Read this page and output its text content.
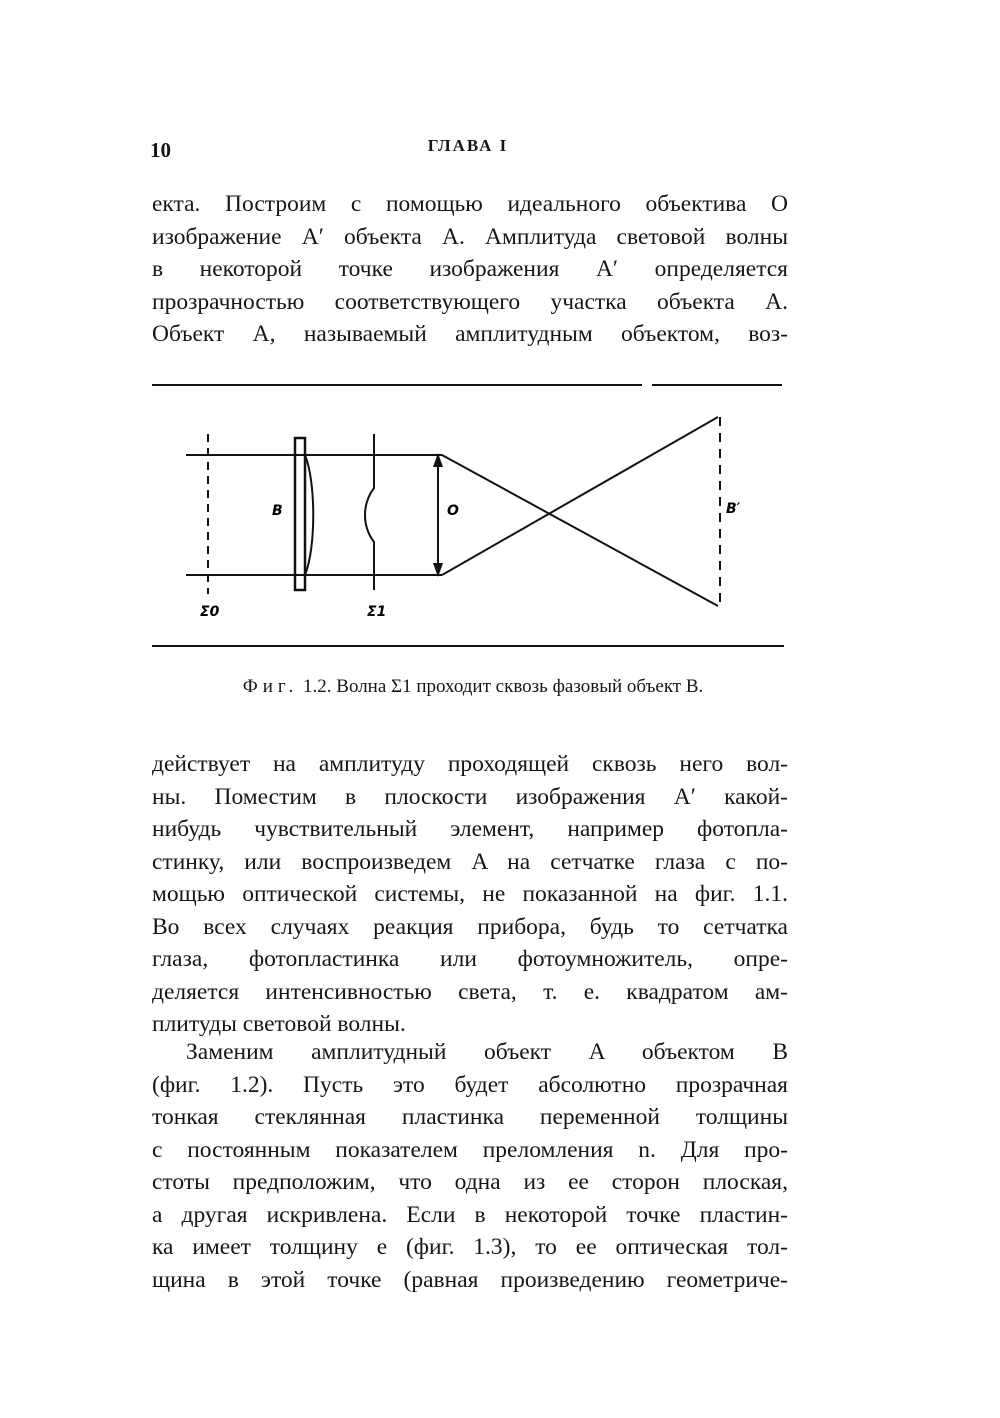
10	ГЛАВА I
екта. Построим с помощью идеального объектива O
изображение A′ объекта A. Амплитуда световой волны
в некоторой точке изображения A′ определяется
прозрачностью соответствующего участка объекта A.
Объект A, называемый амплитудным объектом, воз-
B	O	B′
Σ0	Σ1
Фиг. 1.2. Волна Σ1 проходит сквозь фазовый объект B.
действует на амплитуду проходящей сквозь него вол-
ны. Поместим в плоскости изображения A′ какой-
нибудь чувствительный элемент, например фотопла-
стинку, или воспроизведем A на сетчатке глаза с по-
мощью оптической системы, не показанной на фиг. 1.1.
Во всех случаях реакция прибора, будь то сетчатка
глаза, фотопластинка или фотоумножитель, опре-
деляется интенсивностью света, т. е. квадратом ам-
плитуды световой волны.
Заменим амплитудный объект A объектом B
(фиг. 1.2). Пусть это будет абсолютно прозрачная
тонкая стеклянная пластинка переменной толщины
с постоянным показателем преломления n. Для про-
стоты предположим, что одна из ее сторон плоская,
а другая искривлена. Если в некоторой точке пластин-
ка имеет толщину e (фиг. 1.3), то ее оптическая тол-
щина в этой точке (равная произведению геометриче-
